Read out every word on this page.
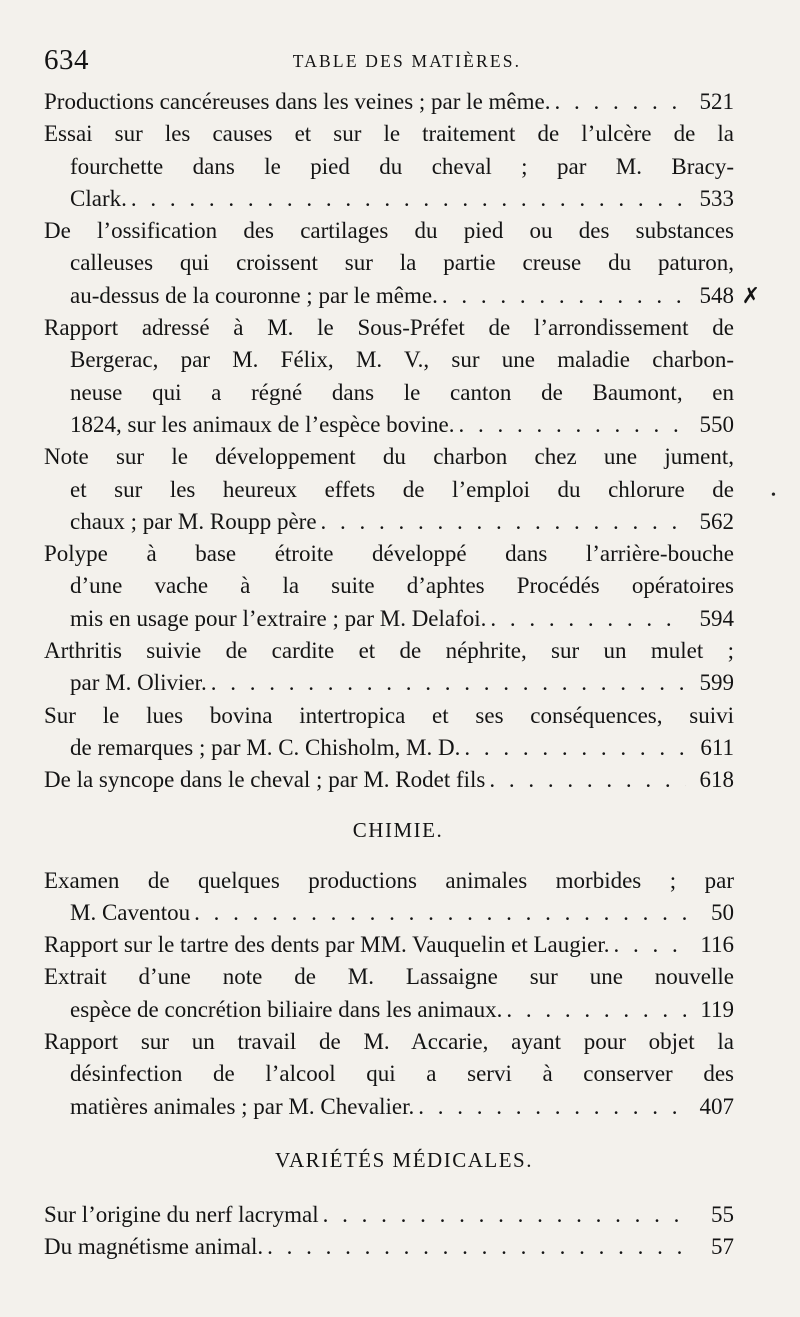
634	TABLE DES MATIÈRES.
Productions cancéreuses dans les veines ; par le même. . . .	521
Essai sur les causes et sur le traitement de l’ulcère de la
fourchette dans le pied du cheval ; par M. Bracy-
Clark. . . .	533
De l’ossification des cartilages du pied ou des substances
calleuses qui croissent sur la partie creuse du paturon,
au-dessus de la couronne ; par le même. . . .	548 ✗
Rapport adressé à M. le Sous-Préfet de l’arrondissement de
Bergerac, par M. Félix, M. V., sur une maladie charbon-
neuse qui a régné dans le canton de Baumont, en
1824, sur les animaux de l’espèce bovine. . . .	550
Note sur le développement du charbon chez une jument,
et sur les heureux effets de l’emploi du chlorure de
chaux ; par M. Roupp père . . .	562
Polype à base étroite développé dans l’arrière-bouche
d’une vache à la suite d’aphtes Procédés opératoires
mis en usage pour l’extraire ; par M. Delafoi. . . .	594
Arthritis suivie de cardite et de néphrite, sur un mulet ;
par M. Olivier. . . .	599
Sur le lues bovina intertropica et ses conséquences, suivi
de remarques ; par M. C. Chisholm, M. D. . . .	611
De la syncope dans le cheval ; par M. Rodet fils . . .	618
CHIMIE.
Examen de quelques productions animales morbides ; par
M. Caventou . . .	50
Rapport sur le tartre des dents par MM. Vauquelin et Laugier. . . .	116
Extrait d’une note de M. Lassaigne sur une nouvelle
espèce de concrétion biliaire dans les animaux. . . .	119
Rapport sur un travail de M. Accarie, ayant pour objet la
désinfection de l’alcool qui a servi à conserver des
matières animales ; par M. Chevalier. . . .	407
VARIÉTÉS MÉDICALES.
Sur l’origine du nerf lacrymal . . .	55
Du magnétisme animal. . . .	57
•
